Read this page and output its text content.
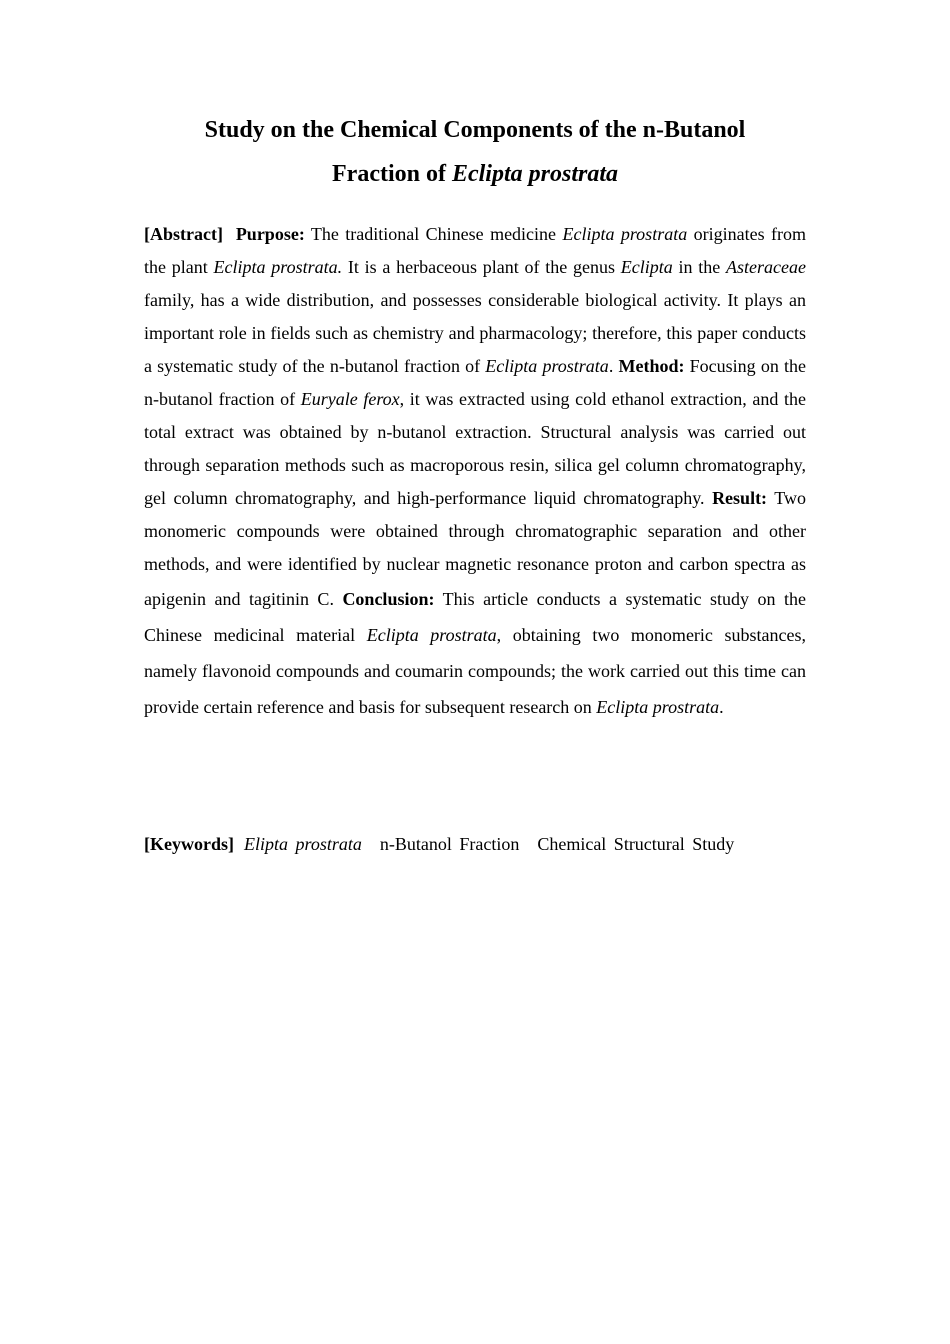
Study on the Chemical Components of the n-Butanol
Fraction of Eclipta prostrata

[Abstract] Purpose: The traditional Chinese medicine Eclipta prostrata originates from the plant Eclipta prostrata. It is a herbaceous plant of the genus Eclipta in the Asteraceae family, has a wide distribution, and possesses considerable biological activity. It plays an important role in fields such as chemistry and pharmacology; therefore, this paper conducts a systematic study of the n-butanol fraction of Eclipta prostrata. Method: Focusing on the n-butanol fraction of Euryale ferox, it was extracted using cold ethanol extraction, and the total extract was obtained by n-butanol extraction. Structural analysis was carried out through separation methods such as macroporous resin, silica gel column chromatography, gel column chromatography, and high-performance liquid chromatography. Result: Two monomeric compounds were obtained through chromatographic separation and other methods, and were identified by nuclear magnetic resonance proton and carbon spectra as apigenin and tagitinin C. Conclusion: This article conducts a systematic study on the Chinese medicinal material Eclipta prostrata, obtaining two monomeric substances, namely flavonoid compounds and coumarin compounds; the work carried out this time can provide certain reference and basis for subsequent research on Eclipta prostrata.

[Keywords] Elipta prostrata n-Butanol Fraction Chemical Structural Study
